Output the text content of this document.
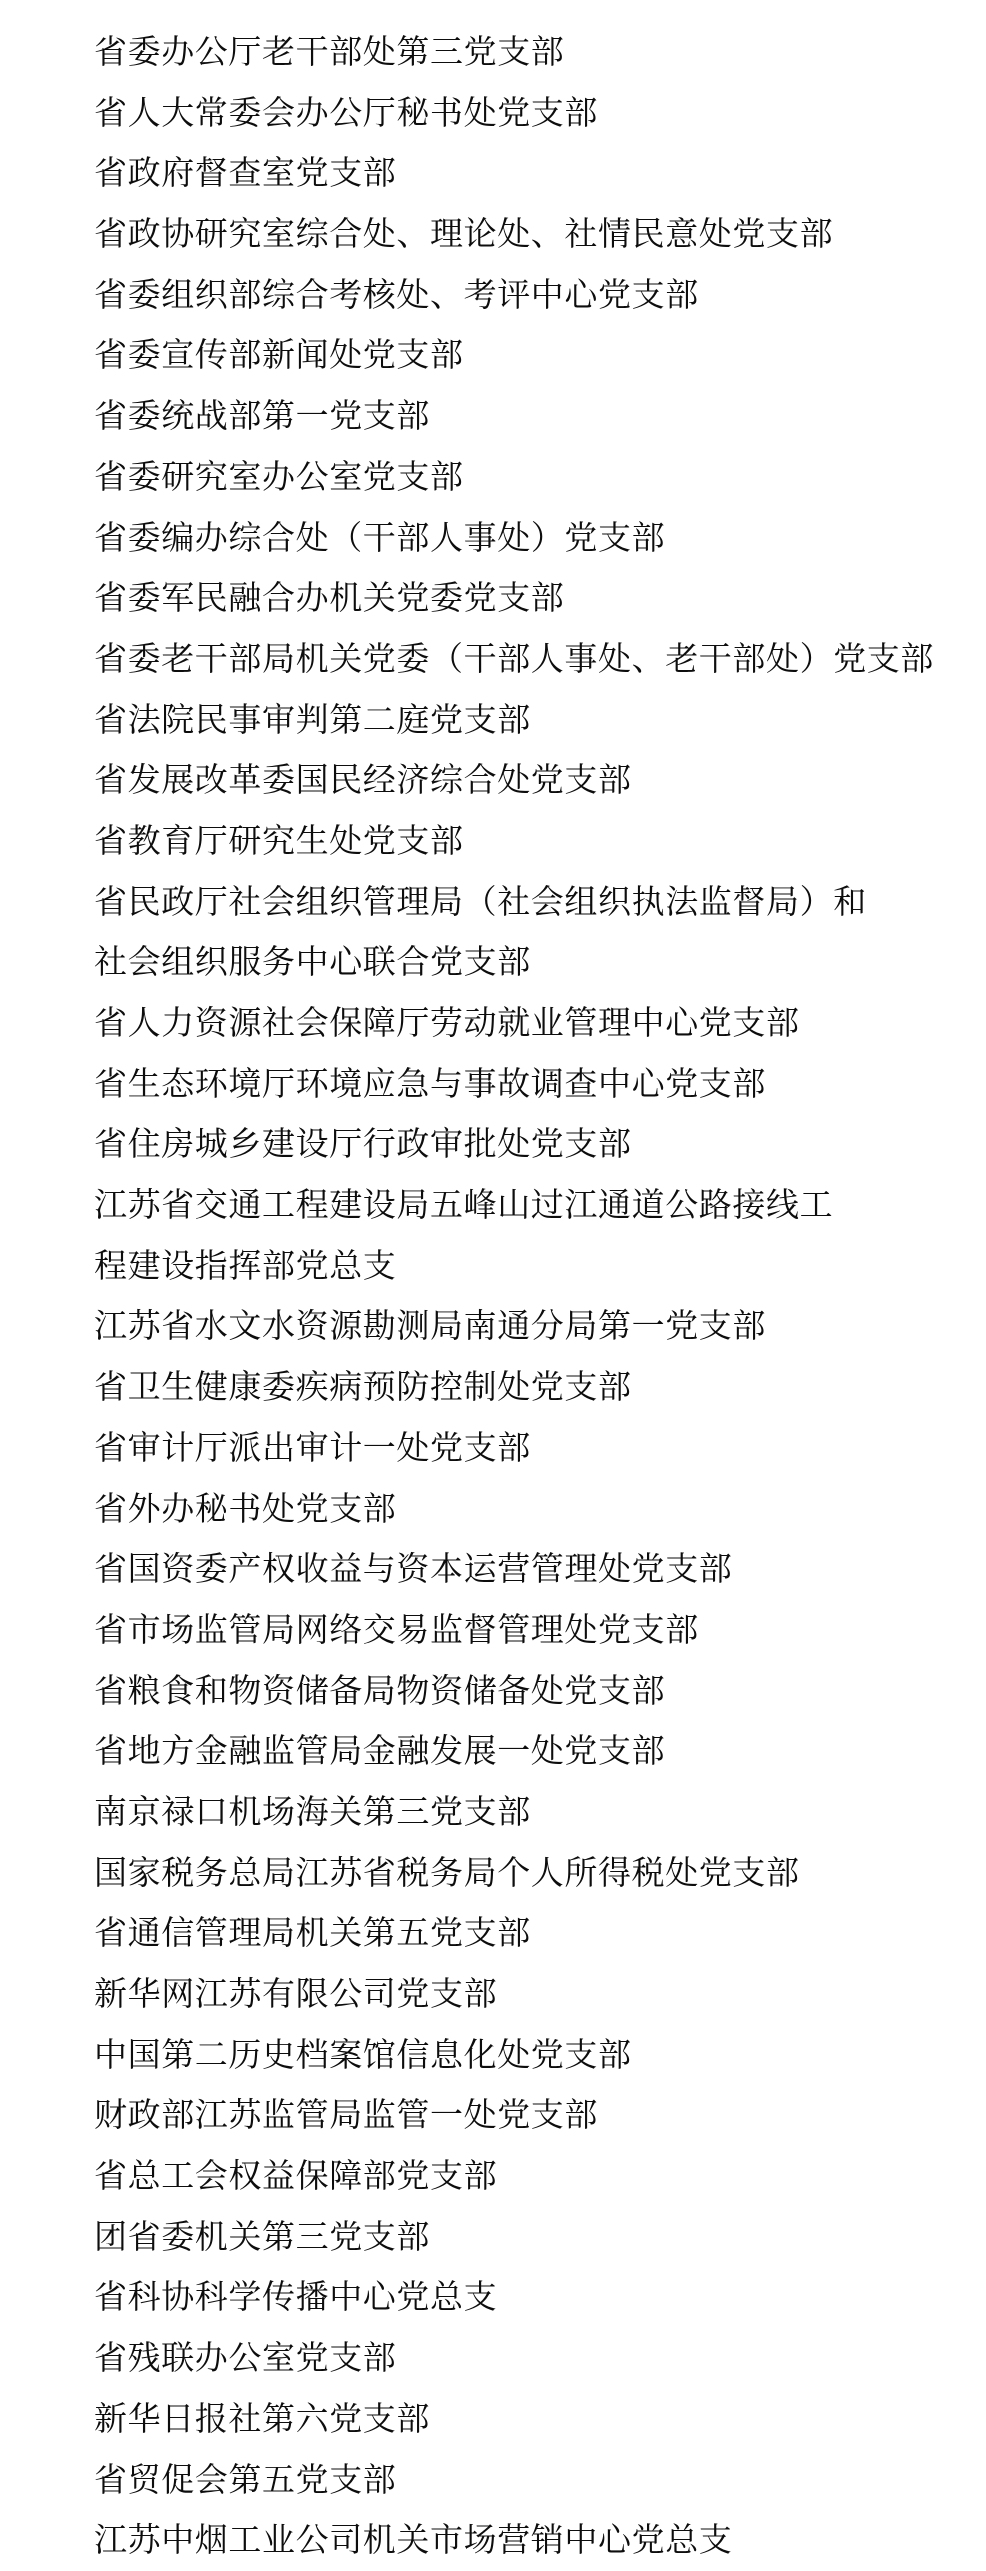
省委办公厅老干部处第三党支部
省人大常委会办公厅秘书处党支部
省政府督查室党支部
省政协研究室综合处、理论处、社情民意处党支部
省委组织部综合考核处、考评中心党支部
省委宣传部新闻处党支部
省委统战部第一党支部
省委研究室办公室党支部
省委编办综合处（干部人事处）党支部
省委军民融合办机关党委党支部
省委老干部局机关党委（干部人事处、老干部处）党支部
省法院民事审判第二庭党支部
省发展改革委国民经济综合处党支部
省教育厅研究生处党支部
省民政厅社会组织管理局（社会组织执法监督局）和
社会组织服务中心联合党支部
省人力资源社会保障厅劳动就业管理中心党支部
省生态环境厅环境应急与事故调查中心党支部
省住房城乡建设厅行政审批处党支部
江苏省交通工程建设局五峰山过江通道公路接线工
程建设指挥部党总支
江苏省水文水资源勘测局南通分局第一党支部
省卫生健康委疾病预防控制处党支部
省审计厅派出审计一处党支部
省外办秘书处党支部
省国资委产权收益与资本运营管理处党支部
省市场监管局网络交易监督管理处党支部
省粮食和物资储备局物资储备处党支部
省地方金融监管局金融发展一处党支部
南京禄口机场海关第三党支部
国家税务总局江苏省税务局个人所得税处党支部
省通信管理局机关第五党支部
新华网江苏有限公司党支部
中国第二历史档案馆信息化处党支部
财政部江苏监管局监管一处党支部
省总工会权益保障部党支部
团省委机关第三党支部
省科协科学传播中心党总支
省残联办公室党支部
新华日报社第六党支部
省贸促会第五党支部
江苏中烟工业公司机关市场营销中心党总支
